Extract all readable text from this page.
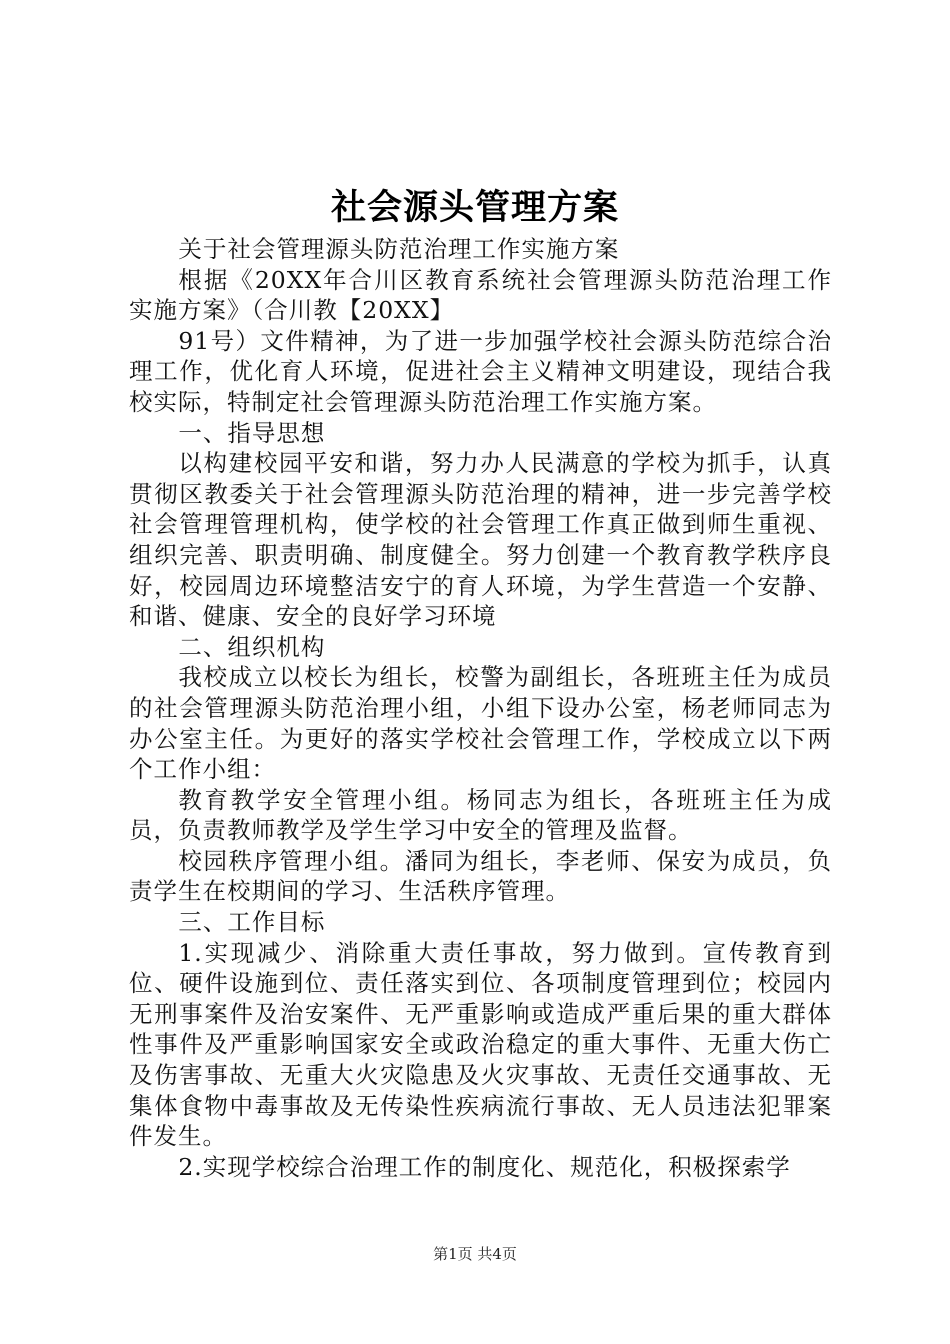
社会源头管理方案

关于社会管理源头防范治理工作实施方案

根据《20XX年合川区教育系统社会管理源头防范治理工作实施方案》（合川教【20XX】

91号）文件精神，为了进一步加强学校社会源头防范综合治理工作，优化育人环境，促进社会主义精神文明建设，现结合我校实际，特制定社会管理源头防范治理工作实施方案。

一、指导思想

以构建校园平安和谐，努力办人民满意的学校为抓手，认真贯彻区教委关于社会管理源头防范治理的精神，进一步完善学校社会管理管理机构，使学校的社会管理工作真正做到师生重视、组织完善、职责明确、制度健全。努力创建一个教育教学秩序良好，校园周边环境整洁安宁的育人环境，为学生营造一个安静、和谐、健康、安全的良好学习环境

二、组织机构

我校成立以校长为组长，校警为副组长，各班班主任为成员的社会管理源头防范治理小组，小组下设办公室，杨老师同志为办公室主任。为更好的落实学校社会管理工作，学校成立以下两个工作小组：

教育教学安全管理小组。杨同志为组长，各班班主任为成员，负责教师教学及学生学习中安全的管理及监督。

校园秩序管理小组。潘同为组长，李老师、保安为成员，负责学生在校期间的学习、生活秩序管理。

三、工作目标

1.实现减少、消除重大责任事故，努力做到。宣传教育到位、硬件设施到位、责任落实到位、各项制度管理到位；校园内无刑事案件及治安案件、无严重影响或造成严重后果的重大群体性事件及严重影响国家安全或政治稳定的重大事件、无重大伤亡及伤害事故、无重大火灾隐患及火灾事故、无责任交通事故、无集体食物中毒事故及无传染性疾病流行事故、无人员违法犯罪案件发生。

2.实现学校综合治理工作的制度化、规范化，积极探索学

第1页 共4页
